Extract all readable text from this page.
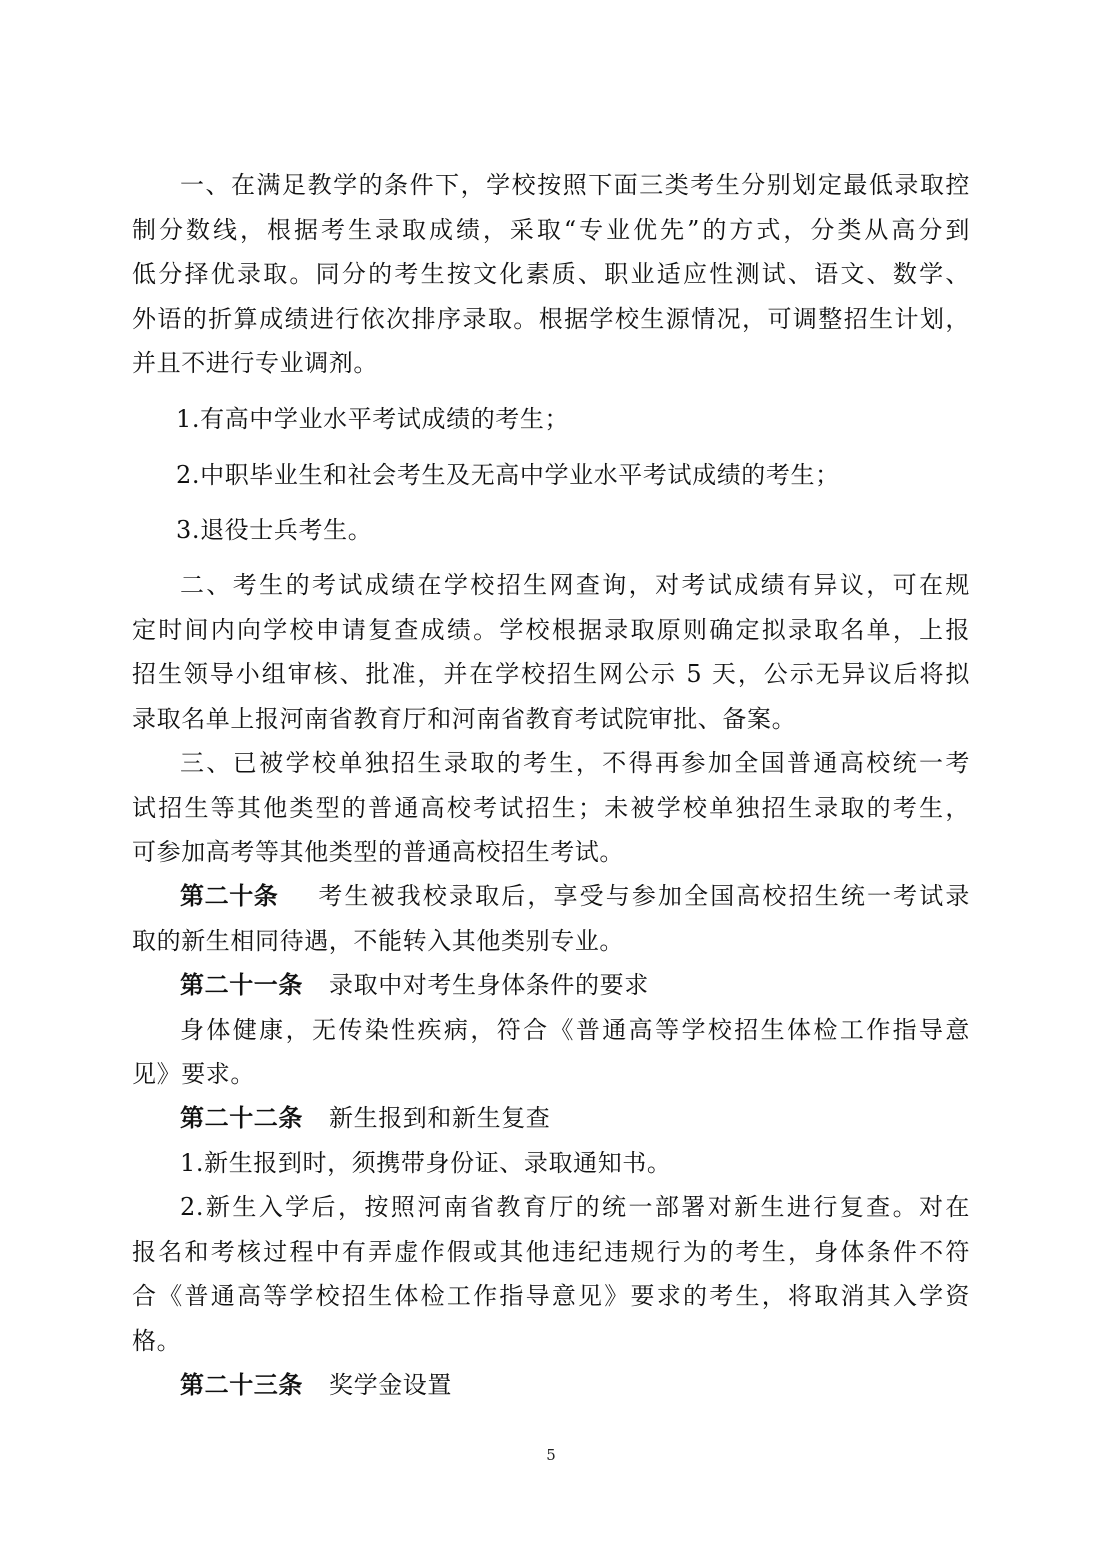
一、在满足教学的条件下，学校按照下面三类考生分别划定最低录取控
制分数线，根据考生录取成绩，采取“专业优先”的方式，分类从高分到
低分择优录取。同分的考生按文化素质、职业适应性测试、语文、数学、
外语的折算成绩进行依次排序录取。根据学校生源情况，可调整招生计划，
并且不进行专业调剂。
1.有高中学业水平考试成绩的考生；
2.中职毕业生和社会考生及无高中学业水平考试成绩的考生；
3.退役士兵考生。
二、考生的考试成绩在学校招生网查询，对考试成绩有异议，可在规
定时间内向学校申请复查成绩。学校根据录取原则确定拟录取名单，上报
招生领导小组审核、批准，并在学校招生网公示 5 天，公示无异议后将拟
录取名单上报河南省教育厅和河南省教育考试院审批、备案。
三、已被学校单独招生录取的考生，不得再参加全国普通高校统一考
试招生等其他类型的普通高校考试招生；未被学校单独招生录取的考生，
可参加高考等其他类型的普通高校招生考试。
第二十条 考生被我校录取后，享受与参加全国高校招生统一考试录
取的新生相同待遇，不能转入其他类别专业。
第二十一条 录取中对考生身体条件的要求
身体健康，无传染性疾病，符合《普通高等学校招生体检工作指导意
见》要求。
第二十二条 新生报到和新生复查
1.新生报到时，须携带身份证、录取通知书。
2.新生入学后，按照河南省教育厅的统一部署对新生进行复查。对在
报名和考核过程中有弄虚作假或其他违纪违规行为的考生，身体条件不符
合《普通高等学校招生体检工作指导意见》要求的考生，将取消其入学资
格。
第二十三条 奖学金设置
5
